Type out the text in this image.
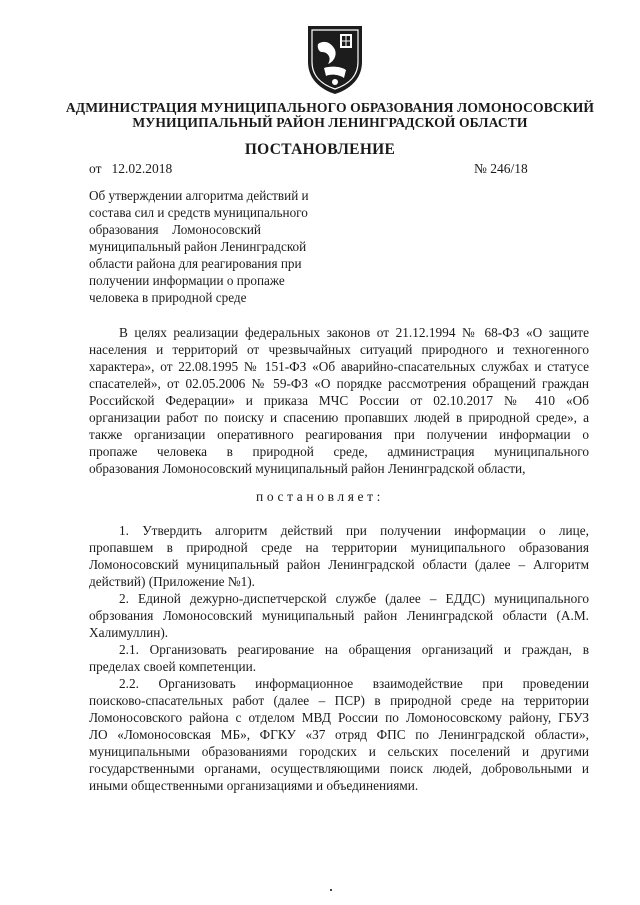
АДМИНИСТРАЦИЯ МУНИЦИПАЛЬНОГО ОБРАЗОВАНИЯ ЛОМОНОСОВСКИЙ
МУНИЦИПАЛЬНЫЙ РАЙОН ЛЕНИНГРАДСКОЙ ОБЛАСТИ
ПОСТАНОВЛЕНИЕ
от 12.02.2018	№ 246/18
Об утверждении алгоритма действий и
состава сил и средств муниципального
образования Ломоносовский
муниципальный район Ленинградской
области района для реагирования при
получении информации о пропаже
человека в природной среде
В целях реализации федеральных законов от 21.12.1994 № 68-ФЗ «О защите
населения и территорий от чрезвычайных ситуаций природного и техногенного
характера», от 22.08.1995 № 151-ФЗ «Об аварийно-спасательных службах и статусе
спасателей», от 02.05.2006 № 59-ФЗ «О порядке рассмотрения обращений граждан
Российской Федерации» и приказа МЧС России от 02.10.2017 № 410 «Об
организации работ по поиску и спасению пропавших людей в природной среде», а
также организации оперативного реагирования при получении информации о
пропаже человека в природной среде, администрация муниципального
образования Ломоносовский муниципальный район Ленинградской области,
постановляет:
1. Утвердить алгоритм действий при получении информации о лице,
пропавшем в природной среде на территории муниципального образования
Ломоносовский муниципальный район Ленинградской области (далее – Алгоритм
действий) (Приложение №1).
2. Единой дежурно-диспетчерской службе (далее – ЕДДС) муниципального
обрзования Ломоносовский муниципальный район Ленинградской области (А.М.
Халимуллин).
2.1. Организовать реагирование на обращения организаций и граждан, в
пределах своей компетенции.
2.2. Организовать информационное взаимодействие при проведении
поисково-спасательных работ (далее – ПСР) в природной среде на территории
Ломоносовского района с отделом МВД России по Ломоносовскому району, ГБУЗ
ЛО «Ломоносовская МБ», ФГКУ «37 отряд ФПС по Ленинградской области»,
муниципальными образованиями городских и сельских поселений и другими
государственными органами, осуществляющими поиск людей, добровольными и
иными общественными организациями и объединениями.
